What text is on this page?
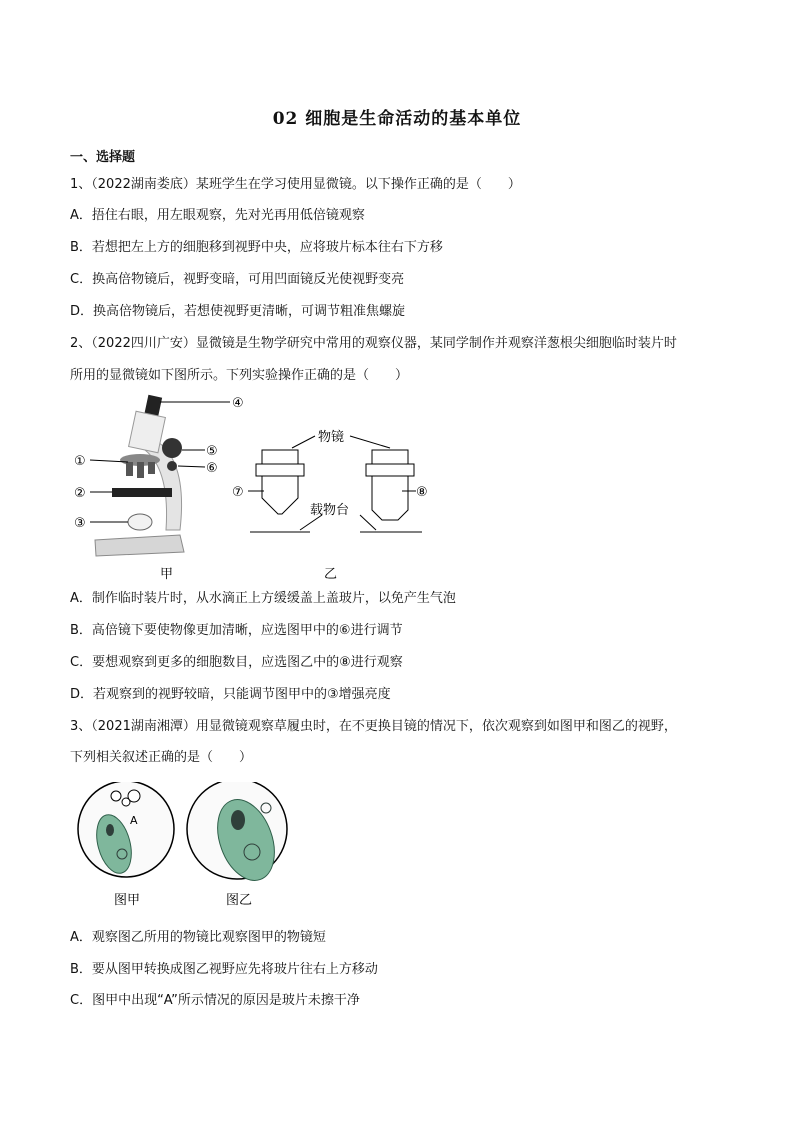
02 细胞是生命活动的基本单位
一、选择题
1、（2022湖南娄底）某班学生在学习使用显微镜。以下操作正确的是（　　）
A．捂住右眼，用左眼观察，先对光再用低倍镜观察
B．若想把左上方的细胞移到视野中央，应将玻片标本往右下方移
C．换高倍物镜后，视野变暗，可用凹面镜反光使视野变亮
D．换高倍物镜后，若想使视野更清晰，可调节粗准焦螺旋
2、（2022四川广安）显微镜是生物学研究中常用的观察仪器，某同学制作并观察洋葱根尖细胞临时装片时
所用的显微镜如下图所示。下列实验操作正确的是（　　）
①
②
③
④
⑤
⑥
物镜
载物台
⑦	⑧
甲	乙
A．制作临时装片时，从水滴正上方缓缓盖上盖玻片，以免产生气泡
B．高倍镜下要使物像更加清晰，应选图甲中的⑥进行调节
C．要想观察到更多的细胞数目，应选图乙中的⑧进行观察
D．若观察到的视野较暗，只能调节图甲中的③增强亮度
3、（2021湖南湘潭）用显微镜观察草履虫时，在不更换目镜的情况下，依次观察到如图甲和图乙的视野，
下列相关叙述正确的是（　　）
A
图甲	图乙
A．观察图乙所用的物镜比观察图甲的物镜短
B．要从图甲转换成图乙视野应先将玻片往右上方移动
C．图甲中出现“A”所示情况的原因是玻片未擦干净
